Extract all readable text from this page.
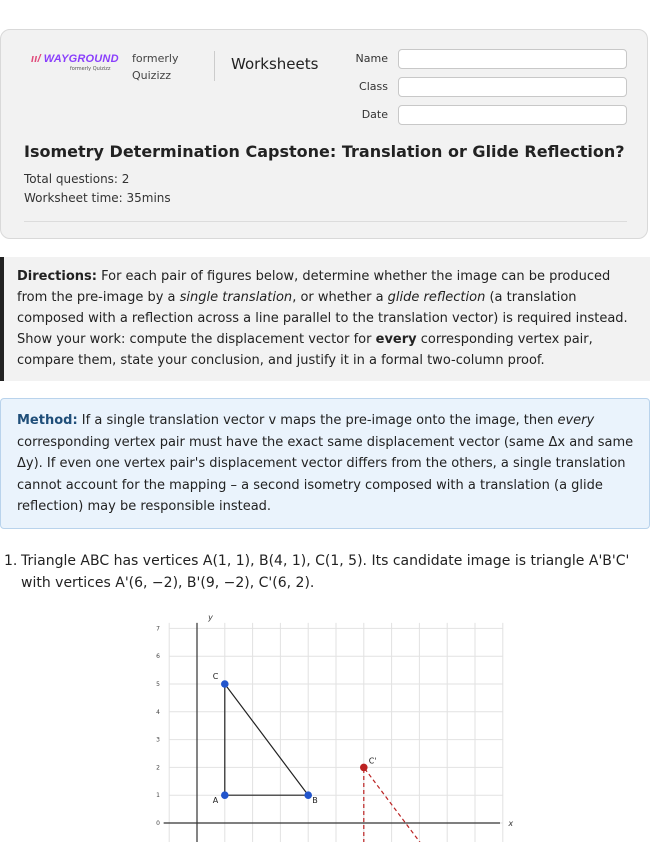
ıı/ WAYGROUND
formerly Quizizz
formerly
Quizizz
Worksheets	Name
Class
Date
Isometry Determination Capstone: Translation or Glide Reflection?
Total questions: 2
Worksheet time: 35mins
Directions: For each pair of figures below, determine whether the image can be produced from the pre-image by a single translation, or whether a glide reflection (a translation composed with a reflection across a line parallel to the translation vector) is required instead. Show your work: compute the displacement vector for every corresponding vertex pair, compare them, state your conclusion, and justify it in a formal two-column proof.
Method: If a single translation vector v maps the pre-image onto the image, then every corresponding vertex pair must have the exact same displacement vector (same Δx and same Δy). If even one vertex pair's displacement vector differs from the others, a single translation cannot account for the mapping – a second isometry composed with a translation (a glide reflection) may be responsible instead.
1. Triangle ABC has vertices A(1, 1), B(4, 1), C(1, 5). Its candidate image is triangle A'B'C' with vertices A'(6, −2), B'(9, −2), C'(6, 2).
x
y
7
6
5
4
3
2
1
0
A	B
C
C'
